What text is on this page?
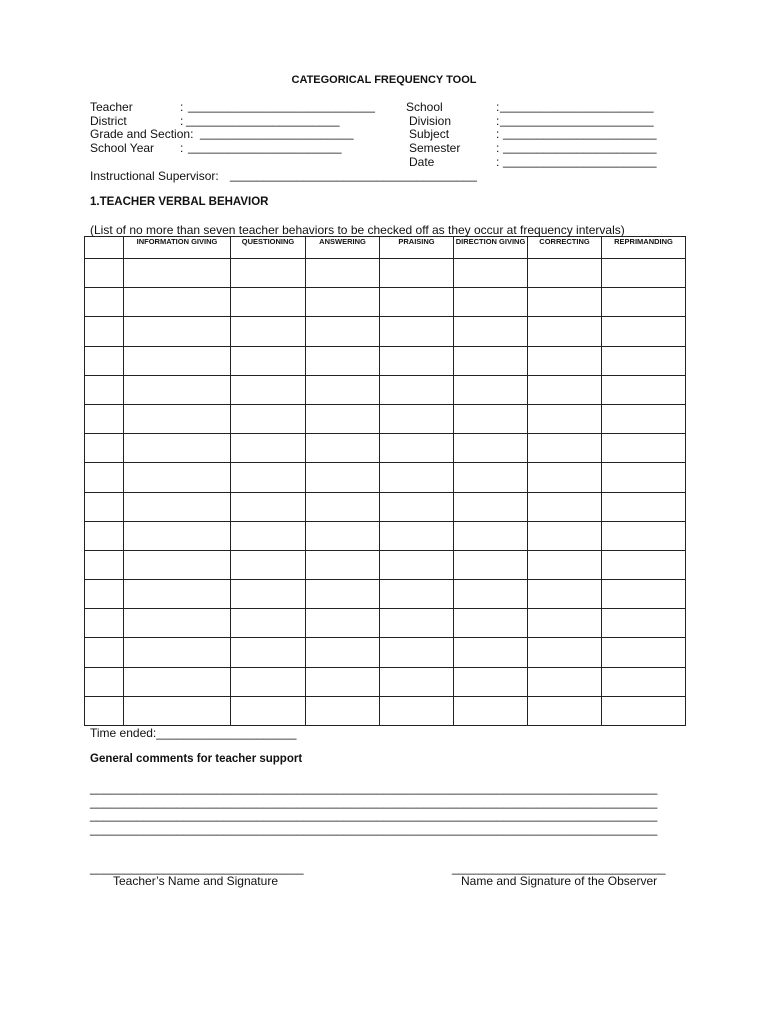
CATEGORICAL FREQUENCY TOOL
Teacher	: ____________________________
District	: _______________________
Grade and Section: _______________________
School Year : _______________________
School	: _______________________
Division	: _______________________
Subject	: _______________________
Semester	: _______________________
Date	: _______________________
Instructional Supervisor: _____________________________________
1.TEACHER VERBAL BEHAVIOR
(List of no more than seven teacher behaviors to be checked off as they occur at frequency intervals)
	INFORMATION GIVING	QUESTIONING	ANSWERING	PRAISING	DIRECTION GIVING	CORRECTING	REPRIMANDING

Time ended:_____________________
General comments for teacher support
_____________________________________________________________________________________
_____________________________________________________________________________________
_____________________________________________________________________________________
_____________________________________________________________________________________
________________________________
Teacher’s Name and Signature
________________________________
Name and Signature of the Observer
